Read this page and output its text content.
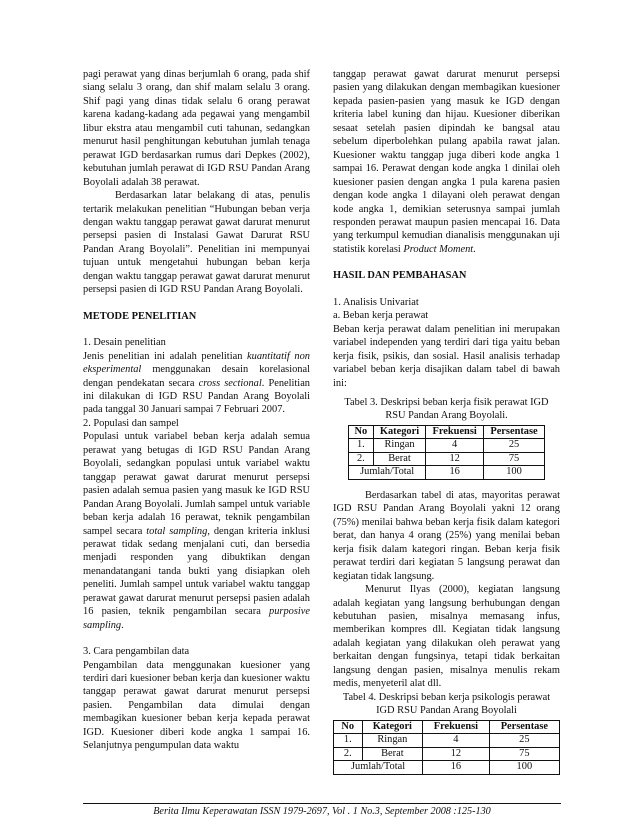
pagi perawat yang dinas berjumlah 6 orang, pada shif siang selalu 3 orang, dan shif malam selalu 3 orang. Shif pagi yang dinas tidak selalu 6 orang perawat karena kadang-kadang ada pegawai yang mengambil libur ekstra atau mengambil cuti tahunan, sedangkan menurut hasil penghitungan kebutuhan jumlah tenaga perawat IGD berdasarkan rumus dari Depkes (2002), kebutuhan jumlah perawat di IGD RSU Pandan Arang Boyolali adalah 38 perawat.
Berdasarkan latar belakang di atas, penulis tertarik melakukan penelitian “Hubungan beban verja dengan waktu tanggap perawat gawat darurat menurut persepsi pasien di Instalasi Gawat Darurat RSU Pandan Arang Boyolali”. Penelitian ini mempunyai tujuan untuk mengetahui hubungan beban kerja dengan waktu tanggap perawat gawat darurat menurut persepsi pasien di IGD RSU Pandan Arang Boyolali.
METODE PENELITIAN
1. Desain penelitian
Jenis penelitian ini adalah penelitian kuantitatif non eksperimental menggunakan desain korelasional dengan pendekatan secara cross sectional. Penelitian ini dilakukan di IGD RSU Pandan Arang Boyolali pada tanggal 30 Januari sampai 7 Februari 2007.
2. Populasi dan sampel
Populasi untuk variabel beban kerja adalah semua perawat yang betugas di IGD RSU Pandan Arang Boyolali, sedangkan populasi untuk variabel waktu tanggap perawat gawat darurat menurut persepsi pasien adalah semua pasien yang masuk ke IGD RSU Pandan Arang Boyolali. Jumlah sampel untuk variable beban kerja adalah 16 perawat, teknik pengambilan sampel secara total sampling, dengan kriteria inklusi perawat tidak sedang menjalani cuti, dan bersedia menjadi responden yang dibuktikan dengan menandatangani tanda bukti yang disiapkan oleh peneliti. Jumlah sampel untuk variabel waktu tanggap perawat gawat darurat menurut persepsi pasien adalah 16 pasien, teknik pengambilan secara purposive sampling.
3. Cara pengambilan data
Pengambilan data menggunakan kuesioner yang terdiri dari kuesioner beban kerja dan kuesioner waktu tanggap perawat gawat darurat menurut persepsi pasien. Pengambilan data dimulai dengan membagikan kuesioner beban kerja kepada perawat IGD. Kuesioner diberi kode angka 1 sampai 16. Selanjutnya pengumpulan data waktu
tanggap perawat gawat darurat menurut persepsi pasien yang dilakukan dengan membagikan kuesioner kepada pasien-pasien yang masuk ke IGD dengan kriteria label kuning dan hijau. Kuesioner diberikan sesaat setelah pasien dipindah ke bangsal atau sebelum diperbolehkan pulang apabila rawat jalan. Kuesioner waktu tanggap juga diberi kode angka 1 sampai 16. Perawat dengan kode angka 1 dinilai oleh kuesioner pasien dengan angka 1 pula karena pasien dengan kode angka 1 dilayani oleh perawat dengan kode angka 1, demikian seterusnya sampai jumlah responden perawat maupun pasien mencapai 16. Data yang terkumpul kemudian dianalisis menggunakan uji statistik korelasi Product Moment.
HASIL DAN PEMBAHASAN
1. Analisis Univariat
a. Beban kerja perawat
Beban kerja perawat dalam penelitian ini merupakan variabel independen yang terdiri dari tiga yaitu beban kerja fisik, psikis, dan sosial. Hasil analisis terhadap variabel beban kerja disajikan dalam tabel di bawah ini:
Tabel 3. Deskripsi beban kerja fisik perawat IGD
RSU Pandan Arang Boyolali.
No	Kategori	Frekuensi	Persentase
1.	Ringan	4	25
2.	Berat	12	75
Jumlah/Total		16	100
Berdasarkan tabel di atas, mayoritas perawat IGD RSU Pandan Arang Boyolali yakni 12 orang (75%) menilai bahwa beban kerja fisik dalam kategori berat, dan hanya 4 orang (25%) yang menilai beban kerja fisik dalam kategori ringan. Beban kerja fisik perawat terdiri dari kegiatan 5 langsung perawat dan kegiatan tidak langsung.
Menurut Ilyas (2000), kegiatan langsung adalah kegiatan yang langsung berhubungan dengan kebutuhan pasien, misalnya memasang infus, memberikan kompres dll. Kegiatan tidak langsung adalah kegiatan yang dilakukan oleh perawat yang berkaitan dengan fungsinya, tetapi tidak berkaitan langsung dengan pasien, misalnya menulis rekam medis, menyeteril alat dll.
Tabel 4. Deskripsi beban kerja psikologis perawat
IGD RSU Pandan Arang Boyolali
No	Kategori	Frekuensi	Persentase
1.	Ringan	4	25
2.	Berat	12	75
Jumlah/Total		16	100
Berita Ilmu Keperawatan ISSN 1979-2697, Vol . 1 No.3, September 2008 :125-130
